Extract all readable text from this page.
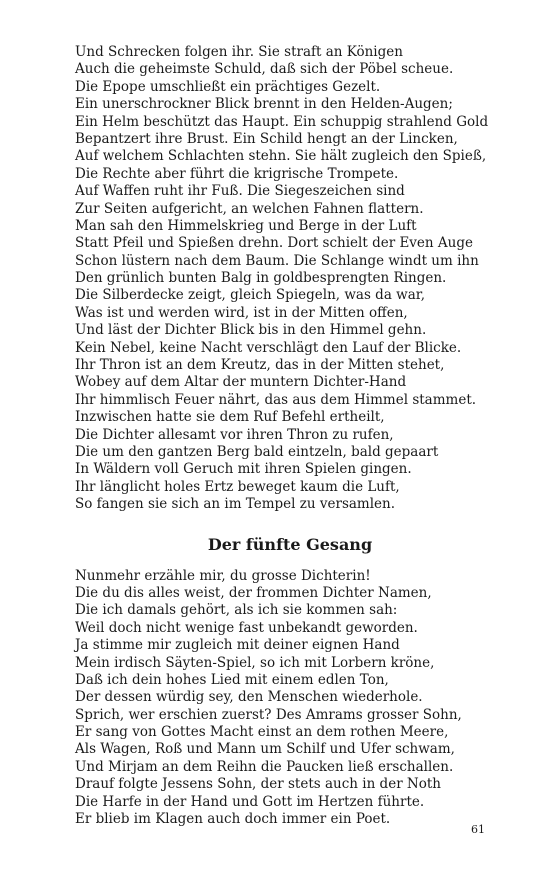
Und Schrecken folgen ihr. Sie straft an Königen
Auch die geheimste Schuld, daß sich der Pöbel scheue.
Die Epope umschließt ein prächtiges Gezelt.
Ein unerschrockner Blick brennt in den Helden-Augen;
Ein Helm beschützt das Haupt. Ein schuppig strahlend Gold
Bepantzert ihre Brust. Ein Schild hengt an der Lincken,
Auf welchem Schlachten stehn. Sie hält zugleich den Spieß,
Die Rechte aber führt die krigrische Trompete.
Auf Waffen ruht ihr Fuß. Die Siegeszeichen sind
Zur Seiten aufgericht, an welchen Fahnen flattern.
Man sah den Himmelskrieg und Berge in der Luft
Statt Pfeil und Spießen drehn. Dort schielt der Even Auge
Schon lüstern nach dem Baum. Die Schlange windt um ihn
Den grünlich bunten Balg in goldbesprengten Ringen.
Die Silberdecke zeigt, gleich Spiegeln, was da war,
Was ist und werden wird, ist in der Mitten offen,
Und läst der Dichter Blick bis in den Himmel gehn.
Kein Nebel, keine Nacht verschlägt den Lauf der Blicke.
Ihr Thron ist an dem Kreutz, das in der Mitten stehet,
Wobey auf dem Altar der muntern Dichter-Hand
Ihr himmlisch Feuer nährt, das aus dem Himmel stammet.
Inzwischen hatte sie dem Ruf Befehl ertheilt,
Die Dichter allesamt vor ihren Thron zu rufen,
Die um den gantzen Berg bald eintzeln, bald gepaart
In Wäldern voll Geruch mit ihren Spielen gingen.
Ihr länglicht holes Ertz beweget kaum die Luft,
So fangen sie sich an im Tempel zu versamlen.
Der fünfte Gesang
Nunmehr erzähle mir, du grosse Dichterin!
Die du dis alles weist, der frommen Dichter Namen,
Die ich damals gehört, als ich sie kommen sah:
Weil doch nicht wenige fast unbekandt geworden.
Ja stimme mir zugleich mit deiner eignen Hand
Mein irdisch Säyten-Spiel, so ich mit Lorbern kröne,
Daß ich dein hohes Lied mit einem edlen Ton,
Der dessen würdig sey, den Menschen wiederhole.
Sprich, wer erschien zuerst? Des Amrams grosser Sohn,
Er sang von Gottes Macht einst an dem rothen Meere,
Als Wagen, Roß und Mann um Schilf und Ufer schwam,
Und Mirjam an dem Reihn die Paucken ließ erschallen.
Drauf folgte Jessens Sohn, der stets auch in der Noth
Die Harfe in der Hand und Gott im Hertzen führte.
Er blieb im Klagen auch doch immer ein Poet.
61
